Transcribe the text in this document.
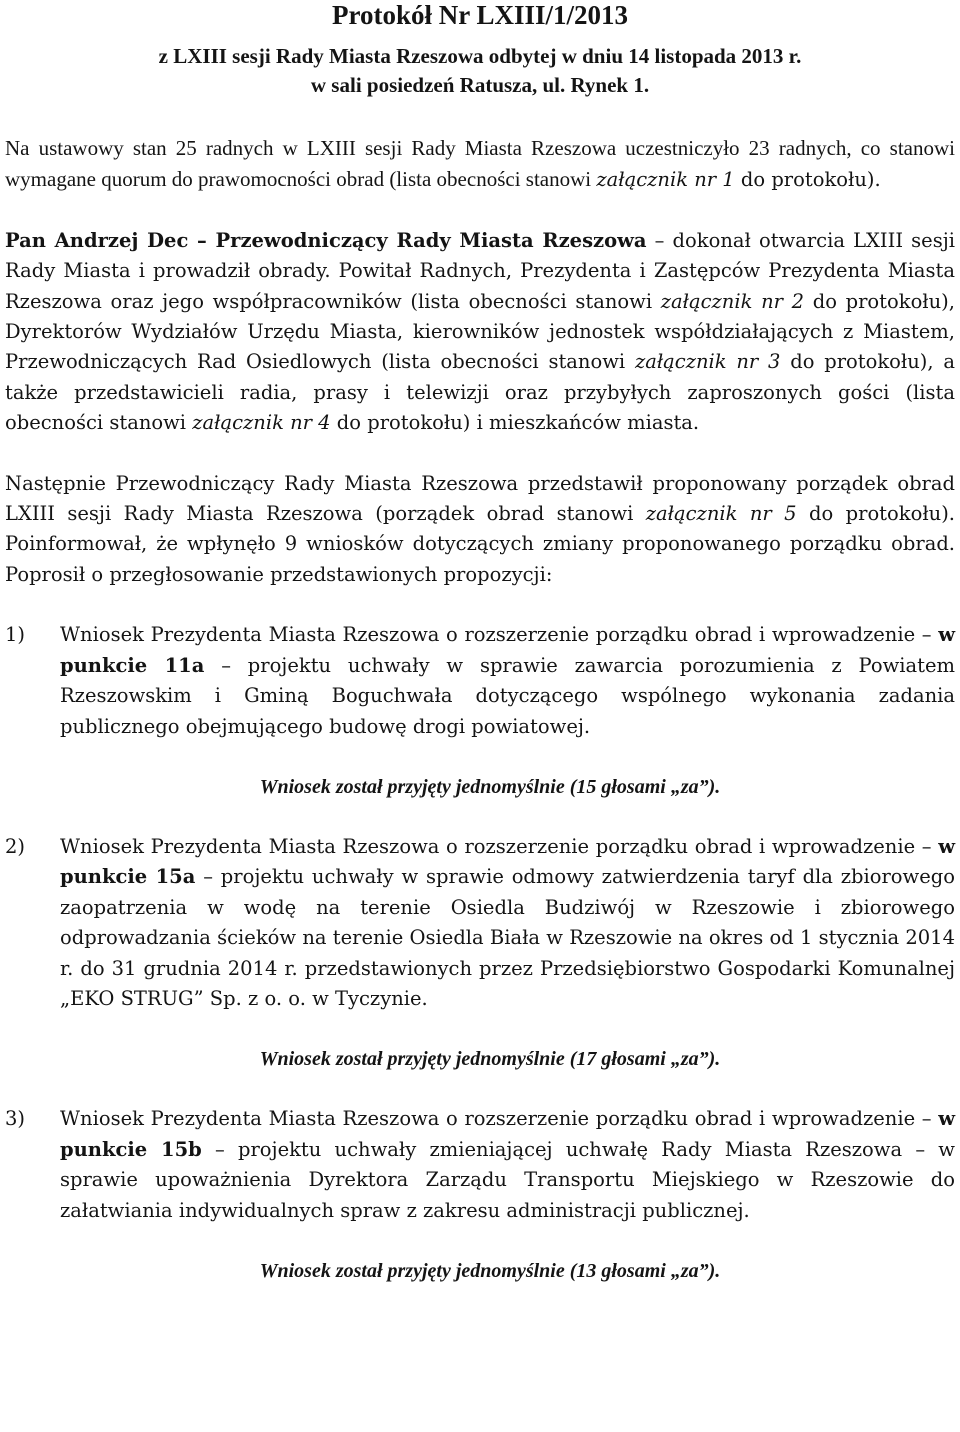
Protokół Nr LXIII/1/2013
z LXIII sesji Rady Miasta Rzeszowa odbytej w dniu 14 listopada 2013 r.
w sali posiedzeń Ratusza, ul. Rynek 1.

Na ustawowy stan 25 radnych w LXIII sesji Rady Miasta Rzeszowa uczestniczyło 23 radnych, co stanowi wymagane quorum do prawomocności obrad (lista obecności stanowi załącznik nr 1 do protokołu).

Pan Andrzej Dec – Przewodniczący Rady Miasta Rzeszowa – dokonał otwarcia LXIII sesji Rady Miasta i prowadził obrady. Powitał Radnych, Prezydenta i Zastępców Prezydenta Miasta Rzeszowa oraz jego współpracowników (lista obecności stanowi załącznik nr 2 do protokołu), Dyrektorów Wydziałów Urzędu Miasta, kierowników jednostek współdziałających z Miastem, Przewodniczących Rad Osiedlowych (lista obecności stanowi załącznik nr 3 do protokołu), a także przedstawicieli radia, prasy i telewizji oraz przybyłych zaproszonych gości (lista obecności stanowi załącznik nr 4 do protokołu) i mieszkańców miasta.

Następnie Przewodniczący Rady Miasta Rzeszowa przedstawił proponowany porządek obrad LXIII sesji Rady Miasta Rzeszowa (porządek obrad stanowi załącznik nr 5 do protokołu). Poinformował, że wpłynęło 9 wniosków dotyczących zmiany proponowanego porządku obrad. Poprosił o przegłosowanie przedstawionych propozycji:

1)	Wniosek Prezydenta Miasta Rzeszowa o rozszerzenie porządku obrad i wprowadzenie – w punkcie 11a – projektu uchwały w sprawie zawarcia porozumienia z Powiatem Rzeszowskim i Gminą Boguchwała dotyczącego wspólnego wykonania zadania publicznego obejmującego budowę drogi powiatowej.
Wniosek został przyjęty jednomyślnie (15 głosami „za”).
2)	Wniosek Prezydenta Miasta Rzeszowa o rozszerzenie porządku obrad i wprowadzenie – w punkcie 15a – projektu uchwały w sprawie odmowy zatwierdzenia taryf dla zbiorowego zaopatrzenia w wodę na terenie Osiedla Budziwój w Rzeszowie i zbiorowego odprowadzania ścieków na terenie Osiedla Biała w Rzeszowie na okres od 1 stycznia 2014 r. do 31 grudnia 2014 r. przedstawionych przez Przedsiębiorstwo Gospodarki Komunalnej „EKO STRUG” Sp. z o. o. w Tyczynie.
Wniosek został przyjęty jednomyślnie (17 głosami „za”).
3)	Wniosek Prezydenta Miasta Rzeszowa o rozszerzenie porządku obrad i wprowadzenie – w punkcie 15b – projektu uchwały zmieniającej uchwałę Rady Miasta Rzeszowa – w sprawie upoważnienia Dyrektora Zarządu Transportu Miejskiego w Rzeszowie do załatwiania indywidualnych spraw z zakresu administracji publicznej.
Wniosek został przyjęty jednomyślnie (13 głosami „za”).
